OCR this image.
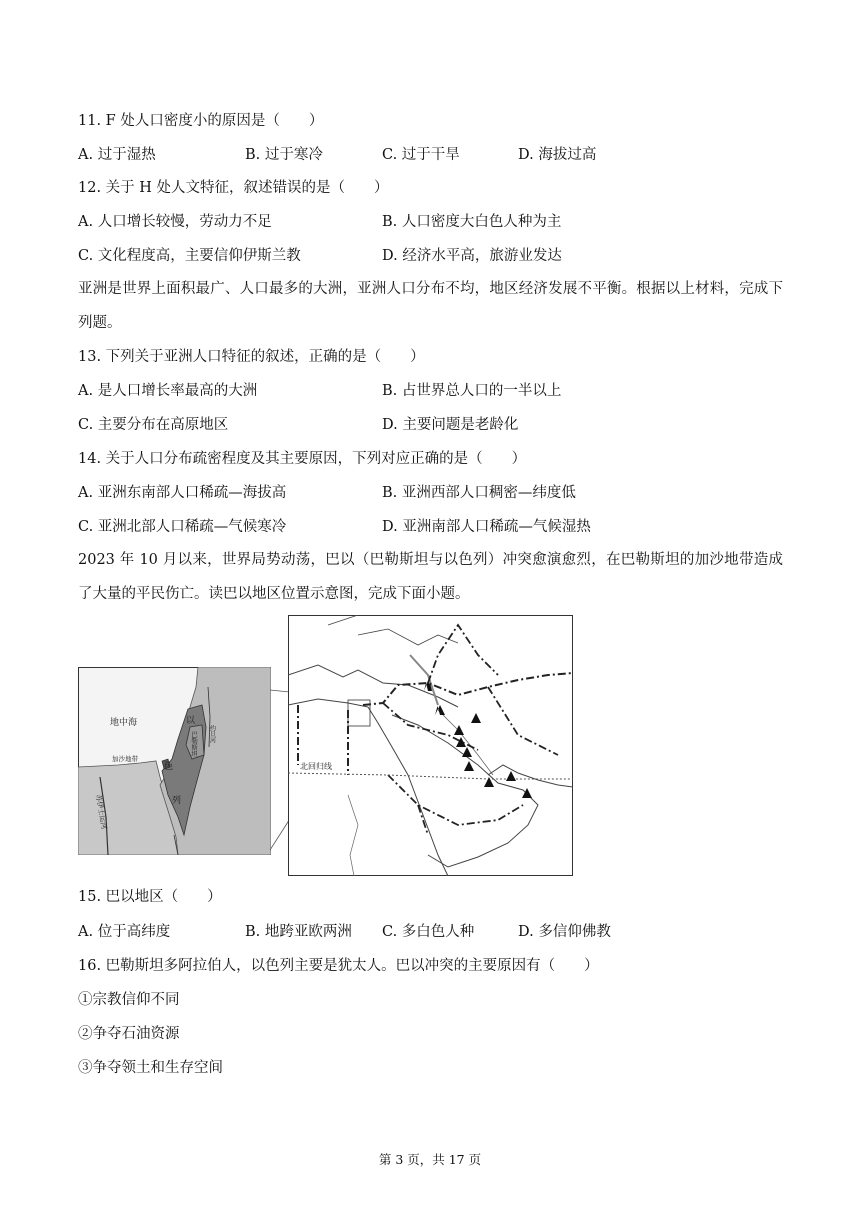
11. F 处人口密度小的原因是（　　）
A. 过于湿热	B. 过于寒冷	C. 过于干旱	D. 海拔过高
12. 关于 H 处人文特征，叙述错误的是（　　）
A. 人口增长较慢，劳动力不足	B. 人口密度大白色人种为主
C. 文化程度高，主要信仰伊斯兰教	D. 经济水平高，旅游业发达
亚洲是世界上面积最广、人口最多的大洲，亚洲人口分布不均，地区经济发展不平衡。根据以上材料，完成下列题。
13. 下列关于亚洲人口特征的叙述，正确的是（　　）
A. 是人口增长率最高的大洲	B. 占世界总人口的一半以上
C. 主要分布在高原地区	D. 主要问题是老龄化
14. 关于人口分布疏密程度及其主要原因，下列对应正确的是（　　）
A. 亚洲东南部人口稀疏—海拔高	B. 亚洲西部人口稠密—纬度低
C. 亚洲北部人口稀疏—气候寒冷	D. 亚洲南部人口稀疏—气候湿热
2023 年 10 月以来，世界局势动荡，巴以（巴勒斯坦与以色列）冲突愈演愈烈，在巴勒斯坦的加沙地带造成了大量的平民伤亡。读巴以地区位置示意图，完成下面小题。
地中海
加沙地带
苏伊士运河
以
色
列
巴勒斯坦 约旦河
北回归线
15. 巴以地区（　　）
A. 位于高纬度	B. 地跨亚欧两洲 C. 多白色人种	D. 多信仰佛教
16. 巴勒斯坦多阿拉伯人，以色列主要是犹太人。巴以冲突的主要原因有（　　）
①宗教信仰不同
②争夺石油资源
③争夺领土和生存空间
第 3 页，共 17 页
